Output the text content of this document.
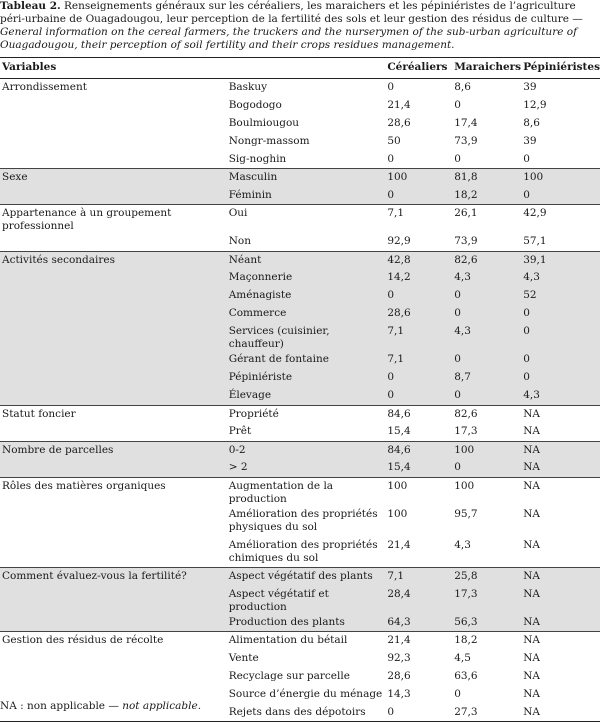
Tableau 2. Renseignements généraux sur les céréaliers, les maraichers et les pépiniéristes de l’agriculture péri-urbaine de Ouagadougou, leur perception de la fertilité des sols et leur gestion des résidus de culture — General information on the cereal farmers, the truckers and the nurserymen of the sub-urban agriculture of Ouagadougou, their perception of soil fertility and their crops residues management.
Variables		Céréaliers	Maraichers	Pépiniéristes
Arrondissement	Baskuy	0	8,6	39
	Bogodogo	21,4	0	12,9
	Boulmiougou	28,6	17,4	8,6
	Nongr-massom	50	73,9	39
	Sig-noghin	0	0	0
Sexe	Masculin	100	81,8	100
	Féminin	0	18,2	0
Appartenance à un groupement professionnel	Oui	7,1	26,1	42,9
	Non	92,9	73,9	57,1
Activités secondaires	Néant	42,8	82,6	39,1
	Maçonnerie	14,2	4,3	4,3
	Aménagiste	0	0	52
	Commerce	28,6	0	0
	Services (cuisinier, chauffeur)	7,1	4,3	0
	Gérant de fontaine	7,1	0	0
	Pépiniériste	0	8,7	0
	Élevage	0	0	4,3
Statut foncier	Propriété	84,6	82,6	NA
	Prêt	15,4	17,3	NA
Nombre de parcelles	0-2	84,6	100	NA
	> 2	15,4	0	NA
Rôles des matières organiques	Augmentation de la production	100	100	NA
	Amélioration des propriétés physiques du sol	100	95,7	NA
	Amélioration des propriétés chimiques du sol	21,4	4,3	NA
Comment évaluez-vous la fertilité?	Aspect végétatif des plants	7,1	25,8	NA
	Aspect végétatif et production	28,4	17,3	NA
	Production des plants	64,3	56,3	NA
Gestion des résidus de récolte	Alimentation du bétail	21,4	18,2	NA
	Vente	92,3	4,5	NA
	Recyclage sur parcelle	28,6	63,6	NA
	Source d’énergie du ménage	14,3	0	NA
	Rejets dans des dépotoirs	0	27,3	NA
NA : non applicable — not applicable.
